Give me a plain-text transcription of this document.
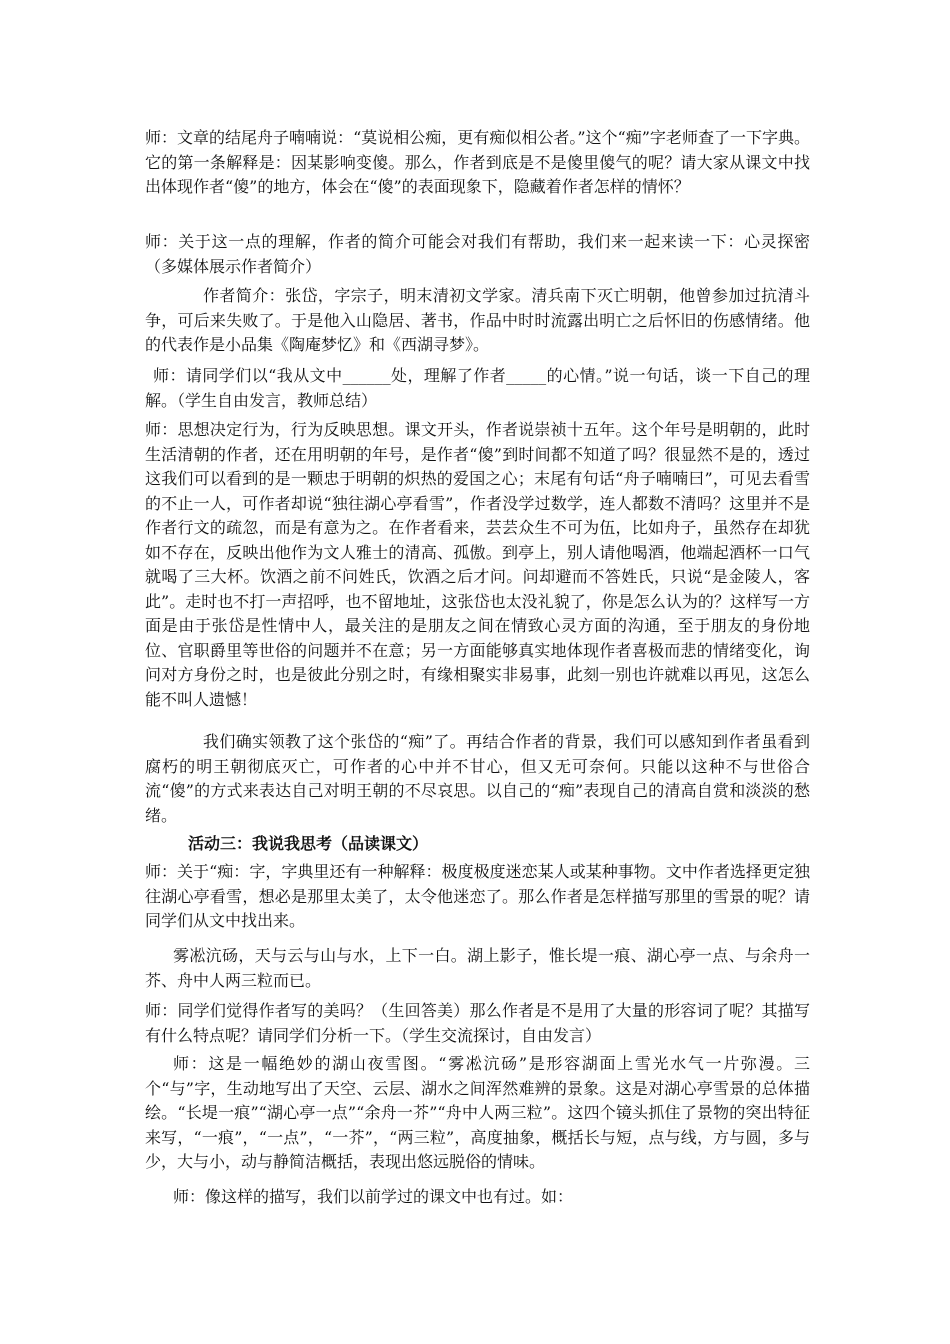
师：文章的结尾舟子喃喃说：“莫说相公痴，更有痴似相公者。”这个“痴”字老师查了一下字典。它的第一条解释是：因某影响变傻。那么，作者到底是不是傻里傻气的呢？请大家从课文中找出体现作者“傻”的地方，体会在“傻”的表面现象下，隐藏着作者怎样的情怀？

师：关于这一点的理解，作者的简介可能会对我们有帮助，我们来一起来读一下：心灵探密（多媒体展示作者简介）

作者简介：张岱，字宗子，明末清初文学家。清兵南下灭亡明朝，他曾参加过抗清斗争，可后来失败了。于是他入山隐居、著书，作品中时时流露出明亡之后怀旧的伤感情绪。他的代表作是小品集《陶庵梦忆》和《西湖寻梦》。

师：请同学们以“我从文中______处，理解了作者_____的心情。”说一句话，谈一下自己的理解。（学生自由发言，教师总结）

师：思想决定行为，行为反映思想。课文开头，作者说崇祯十五年。这个年号是明朝的，此时生活清朝的作者，还在用明朝的年号，是作者“傻”到时间都不知道了吗？很显然不是的，透过这我们可以看到的是一颗忠于明朝的炽热的爱国之心；末尾有句话“舟子喃喃曰”，可见去看雪的不止一人，可作者却说“独往湖心亭看雪”，作者没学过数学，连人都数不清吗？这里并不是作者行文的疏忽，而是有意为之。在作者看来，芸芸众生不可为伍，比如舟子，虽然存在却犹如不存在，反映出他作为文人雅士的清高、孤傲。到亭上，别人请他喝酒，他端起酒杯一口气就喝了三大杯。饮酒之前不问姓氏，饮酒之后才问。问却避而不答姓氏，只说“是金陵人，客此”。走时也不打一声招呼，也不留地址，这张岱也太没礼貌了，你是怎么认为的？这样写一方面是由于张岱是性情中人，最关注的是朋友之间在情致心灵方面的沟通，至于朋友的身份地位、官职爵里等世俗的问题并不在意；另一方面能够真实地体现作者喜极而悲的情绪变化，询问对方身份之时，也是彼此分别之时，有缘相聚实非易事，此刻一别也许就难以再见，这怎么能不叫人遗憾！

我们确实领教了这个张岱的“痴”了。再结合作者的背景，我们可以感知到作者虽看到腐朽的明王朝彻底灭亡，可作者的心中并不甘心，但又无可奈何。只能以这种不与世俗合流“傻”的方式来表达自己对明王朝的不尽哀思。以自己的“痴”表现自己的清高自赏和淡淡的愁绪。

活动三：我说我思考（品读课文）

师：关于“痴：字，字典里还有一种解释：极度极度迷恋某人或某种事物。文中作者选择更定独往湖心亭看雪，想必是那里太美了，太令他迷恋了。那么作者是怎样描写那里的雪景的呢？请同学们从文中找出来。

雾凇沆砀，天与云与山与水，上下一白。湖上影子，惟长堤一痕、湖心亭一点、与余舟一芥、舟中人两三粒而已。

师：同学们觉得作者写的美吗？（生回答美）那么作者是不是用了大量的形容词了呢？其描写有什么特点呢？请同学们分析一下。（学生交流探讨，自由发言）

师：这是一幅绝妙的湖山夜雪图。“雾凇沆砀”是形容湖面上雪光水气一片弥漫。三个“与”字，生动地写出了天空、云层、湖水之间浑然难辨的景象。这是对湖心亭雪景的总体描绘。“长堤一痕”“湖心亭一点”“余舟一芥”“舟中人两三粒”。这四个镜头抓住了景物的突出特征来写，“一痕”，“一点”，“一芥”，“两三粒”，高度抽象，概括长与短，点与线，方与圆，多与少，大与小，动与静简洁概括，表现出悠远脱俗的情味。

师：像这样的描写，我们以前学过的课文中也有过。如：
